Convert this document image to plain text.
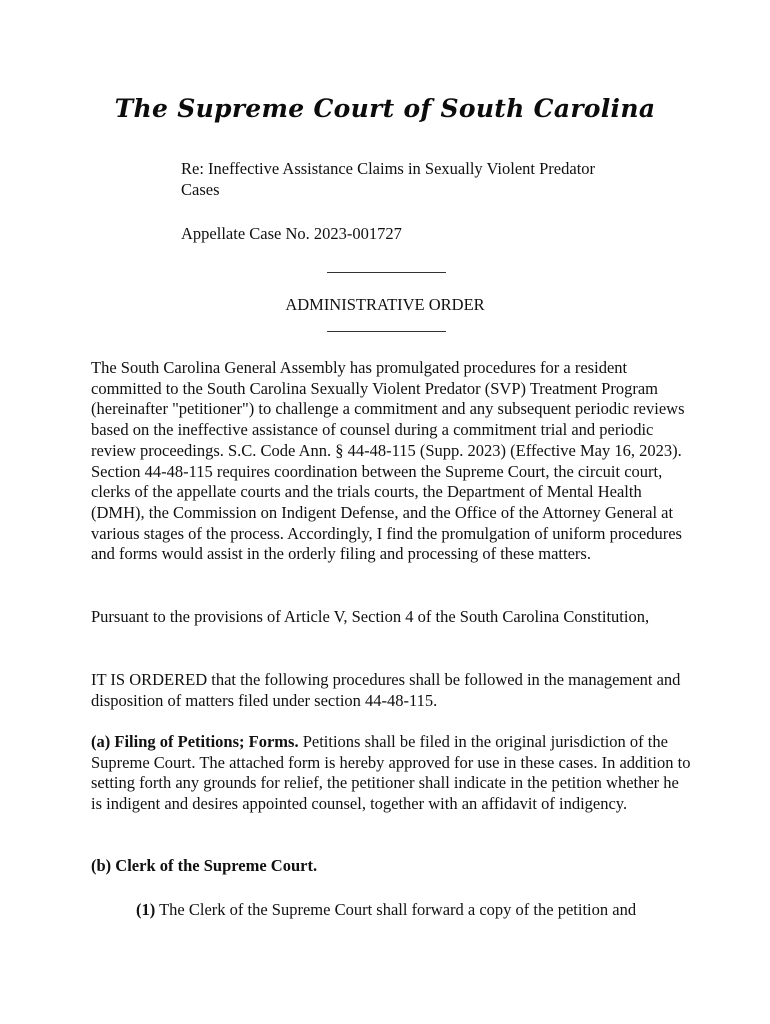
The Supreme Court of South Carolina
Re: Ineffective Assistance Claims in Sexually Violent Predator Cases
Appellate Case No. 2023-001727
ADMINISTRATIVE ORDER

The South Carolina General Assembly has promulgated procedures for a resident committed to the South Carolina Sexually Violent Predator (SVP) Treatment Program (hereinafter "petitioner") to challenge a commitment and any subsequent periodic reviews based on the ineffective assistance of counsel during a commitment trial and periodic review proceedings. S.C. Code Ann. § 44-48-115 (Supp. 2023) (Effective May 16, 2023). Section 44-48-115 requires coordination between the Supreme Court, the circuit court, clerks of the appellate courts and the trials courts, the Department of Mental Health (DMH), the Commission on Indigent Defense, and the Office of the Attorney General at various stages of the process. Accordingly, I find the promulgation of uniform procedures and forms would assist in the orderly filing and processing of these matters.

Pursuant to the provisions of Article V, Section 4 of the South Carolina Constitution,

IT IS ORDERED that the following procedures shall be followed in the management and disposition of matters filed under section 44-48-115.

(a) Filing of Petitions; Forms. Petitions shall be filed in the original jurisdiction of the Supreme Court. The attached form is hereby approved for use in these cases. In addition to setting forth any grounds for relief, the petitioner shall indicate in the petition whether he is indigent and desires appointed counsel, together with an affidavit of indigency.

(b) Clerk of the Supreme Court.

(1) The Clerk of the Supreme Court shall forward a copy of the petition and
